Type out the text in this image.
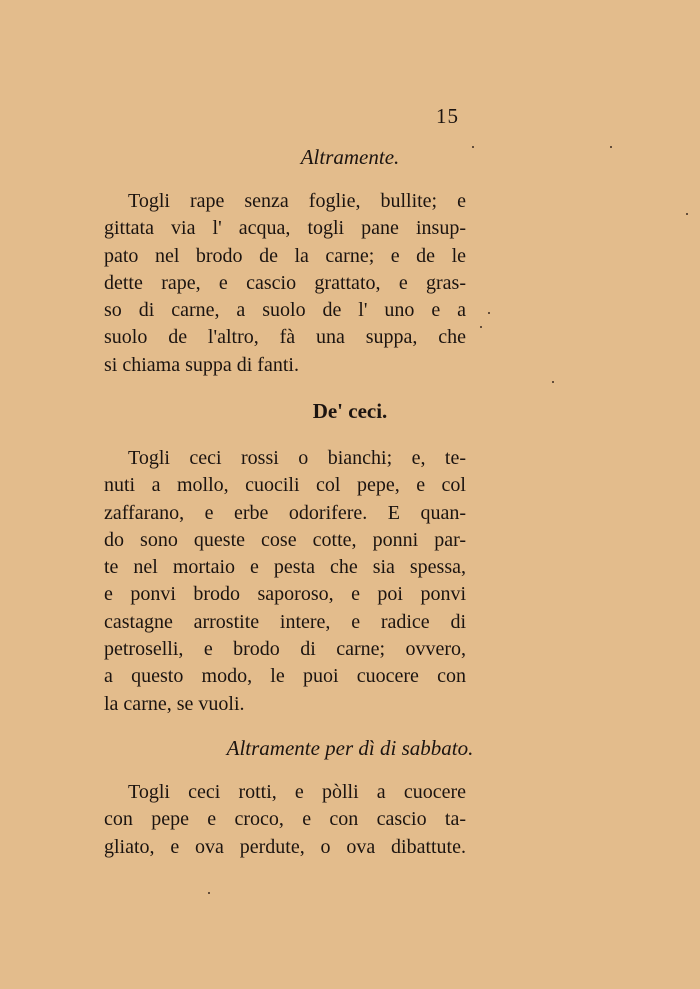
15
Altramente.
Togli rape senza foglie, bullite; e
gittata via l' acqua, togli pane insup-
pato nel brodo de la carne; e de le
dette rape, e cascio grattato, e gras-
so di carne, a suolo de l' uno e a
suolo de l'altro, fà una suppa, che
si chiama suppa di fanti.
De' ceci.
Togli ceci rossi o bianchi; e, te-
nuti a mollo, cuocili col pepe, e col
zaffarano, e erbe odorifere. E quan-
do sono queste cose cotte, ponni par-
te nel mortaio e pesta che sia spessa,
e ponvi brodo saporoso, e poi ponvi
castagne arrostite intere, e radice di
petroselli, e brodo di carne; ovvero,
a questo modo, le puoi cuocere con
la carne, se vuoli.
Altramente per dì di sabbato.
Togli ceci rotti, e pòlli a cuocere
con pepe e croco, e con cascio ta-
gliato, e ova perdute, o ova dibattute.
